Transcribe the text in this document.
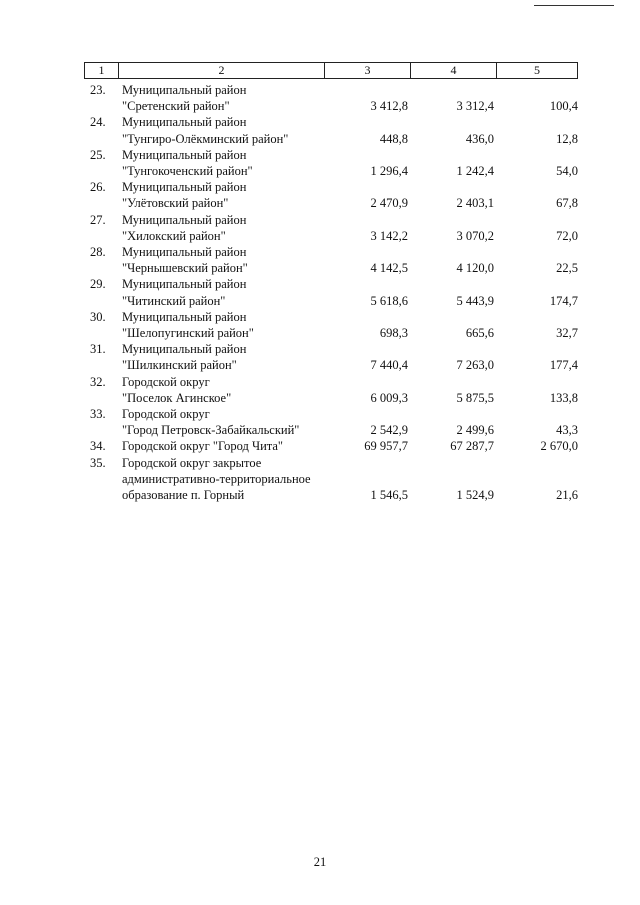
1	2	3	4	5
23.	Муниципальный район
"Сретенский район"	3 412,8	3 312,4	100,4
24.	Муниципальный район
"Тунгиро-Олёкминский район"	448,8	436,0	12,8
25.	Муниципальный район
"Тунгокоченский район"	1 296,4	1 242,4	54,0
26.	Муниципальный район
"Улётовский район"	2 470,9	2 403,1	67,8
27.	Муниципальный район
"Хилокский район"	3 142,2	3 070,2	72,0
28.	Муниципальный район
"Чернышевский район"	4 142,5	4 120,0	22,5
29.	Муниципальный район
"Читинский район"	5 618,6	5 443,9	174,7
30.	Муниципальный район
"Шелопугинский район"	698,3	665,6	32,7
31.	Муниципальный район
"Шилкинский район"	7 440,4	7 263,0	177,4
32.	Городской округ
"Поселок Агинское"	6 009,3	5 875,5	133,8
33.	Городской округ
"Город Петровск-Забайкальский"	2 542,9	2 499,6	43,3
34.	Городской округ "Город Чита"	69 957,7	67 287,7	2 670,0
35.	Городской округ закрытое
административно-территориальное
образование п. Горный	1 546,5	1 524,9	21,6
21
